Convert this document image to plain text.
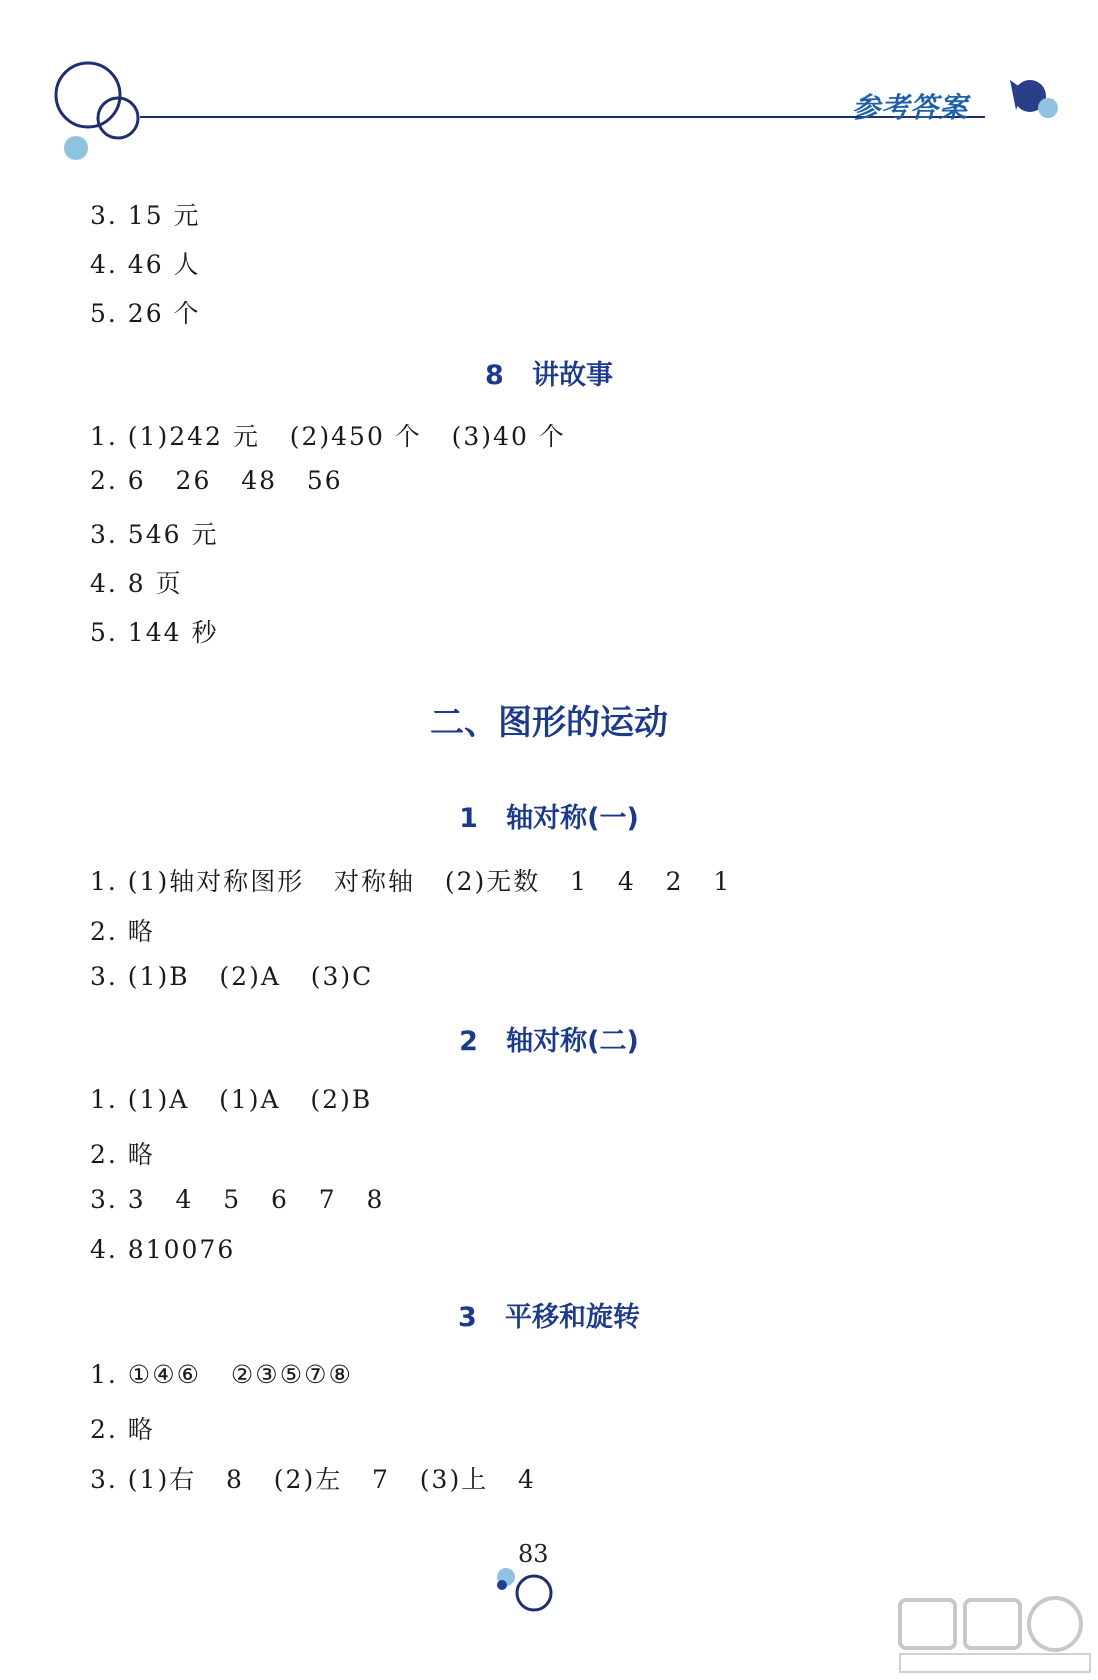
参考答案
3. 15 元
4. 46 人
5. 26 个
8   讲故事
1. (1)242 元   (2)450 个   (3)40 个
2. 6   26   48   56
3. 546 元
4. 8 页
5. 144 秒
二、图形的运动
1   轴对称(一)
1. (1)轴对称图形   对称轴   (2)无数   1   4   2   1
2. 略
3. (1)B   (2)A   (3)C
2   轴对称(二)
1. (1)A   (1)A   (2)B
2. 略
3. 3   4   5   6   7   8
4. 810076
3   平移和旋转
1. ①④⑥   ②③⑤⑦⑧
2. 略
3. (1)右   8   (2)左   7   (3)上   4
83
